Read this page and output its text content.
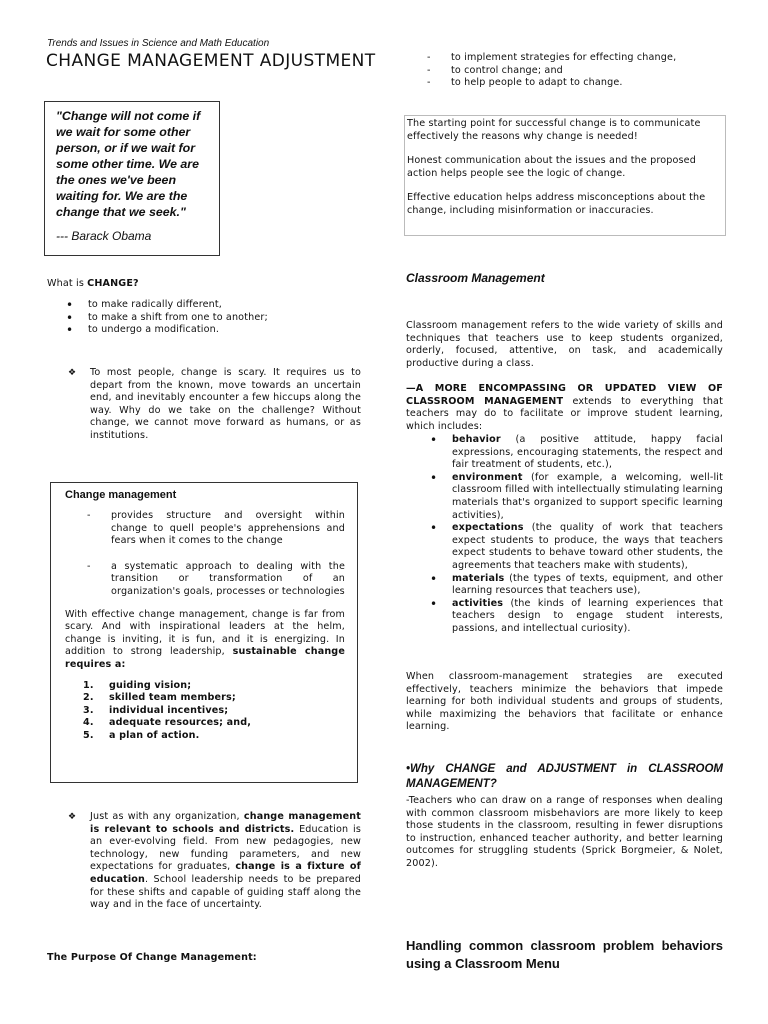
Trends and Issues in Science and Math Education
CHANGE MANAGEMENT ADJUSTMENT
"Change will not come if we wait for some other person, or if we wait for some other time. We are the ones we've been waiting for. We are the change that we seek."
--- Barack Obama
What is CHANGE?
• to make radically different,
• to make a shift from one to another;
• to undergo a modification.
❖	To most people, change is scary. It requires us to depart from the known, move towards an uncertain end, and inevitably encounter a few hiccups along the way. Why do we take on the challenge? Without change, we cannot move forward as humans, or as institutions.
Change management
- provides structure and oversight within change to quell people's apprehensions and fears when it comes to the change
- a systematic approach to dealing with the transition or transformation of an organization's goals, processes or technologies
With effective change management, change is far from scary. And with inspirational leaders at the helm, change is inviting, it is fun, and it is energizing. In addition to strong leadership, sustainable change requires a:
1. guiding vision;
2. skilled team members;
3. individual incentives;
4. adequate resources; and,
5. a plan of action.
❖	Just as with any organization, change management is relevant to schools and districts. Education is an ever-evolving field. From new pedagogies, new technology, new funding parameters, and new expectations for graduates, change is a fixture of education. School leadership needs to be prepared for these shifts and capable of guiding staff along the way and in the face of uncertainty.
The Purpose Of Change Management:
- to implement strategies for effecting change,
- to control change; and
- to help people to adapt to change.
The starting point for successful change is to communicate effectively the reasons why change is needed!
Honest communication about the issues and the proposed action helps people see the logic of change.
Effective education helps address misconceptions about the change, including misinformation or inaccuracies.
Classroom Management
Classroom management refers to the wide variety of skills and techniques that teachers use to keep students organized, orderly, focused, attentive, on task, and academically productive during a class.
—A MORE ENCOMPASSING OR UPDATED VIEW OF CLASSROOM MANAGEMENT extends to everything that teachers may do to facilitate or improve student learning, which includes:
• behavior (a positive attitude, happy facial expressions, encouraging statements, the respect and fair treatment of students, etc.),
• environment (for example, a welcoming, well-lit classroom filled with intellectually stimulating learning materials that's organized to support specific learning activities),
• expectations (the quality of work that teachers expect students to produce, the ways that teachers expect students to behave toward other students, the agreements that teachers make with students),
• materials (the types of texts, equipment, and other learning resources that teachers use),
• activities (the kinds of learning experiences that teachers design to engage student interests, passions, and intellectual curiosity).
When classroom-management strategies are executed effectively, teachers minimize the behaviors that impede learning for both individual students and groups of students, while maximizing the behaviors that facilitate or enhance learning.
•Why CHANGE and ADJUSTMENT in CLASSROOM MANAGEMENT?
-Teachers who can draw on a range of responses when dealing with common classroom misbehaviors are more likely to keep those students in the classroom, resulting in fewer disruptions to instruction, enhanced teacher authority, and better learning outcomes for struggling students (Sprick Borgmeier, & Nolet, 2002).
Handling common classroom problem behaviors using a Classroom Menu
